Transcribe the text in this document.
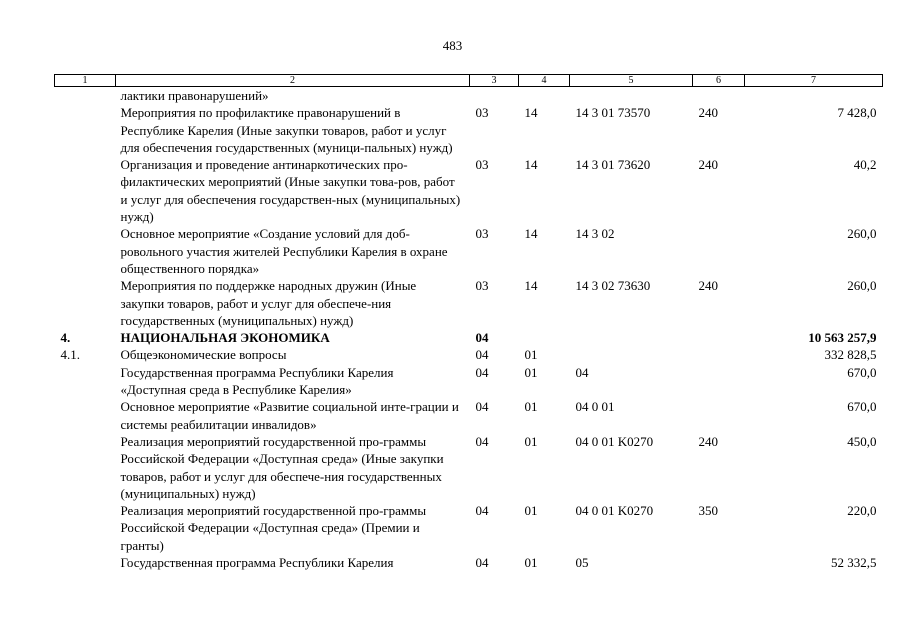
483
1	2	3	4	5	6	7
	лактики правонарушений»					
	Мероприятия по профилактике правонарушений в Республике Карелия (Иные закупки товаров, работ и услуг для обеспечения государственных (муници-пальных) нужд)	03	14	14 3 01 73570	240	7 428,0
	Организация и проведение антинаркотических про-филактических мероприятий (Иные закупки това-ров, работ и услуг для обеспечения государствен-ных (муниципальных) нужд)	03	14	14 3 01 73620	240	40,2
	Основное мероприятие «Создание условий для доб-ровольного участия жителей Республики Карелия в охране общественного порядка»	03	14	14 3 02		260,0
	Мероприятия по поддержке народных дружин (Иные закупки товаров, работ и услуг для обеспече-ния государственных (муниципальных) нужд)	03	14	14 3 02 73630	240	260,0
4.	НАЦИОНАЛЬНАЯ ЭКОНОМИКА	04				10 563 257,9
4.1.	Общеэкономические вопросы	04	01			332 828,5
	Государственная программа Республики Карелия «Доступная среда в Республике Карелия»	04	01	04		670,0
	Основное мероприятие «Развитие социальной инте-грации и системы реабилитации инвалидов»	04	01	04 0 01		670,0
	Реализация мероприятий государственной про-граммы Российской Федерации «Доступная среда» (Иные закупки товаров, работ и услуг для обеспече-ния государственных (муниципальных) нужд)	04	01	04 0 01 K0270	240	450,0
	Реализация мероприятий государственной про-граммы Российской Федерации «Доступная среда» (Премии и гранты)	04	01	04 0 01 K0270	350	220,0
	Государственная программа Республики Карелия	04	01	05		52 332,5
